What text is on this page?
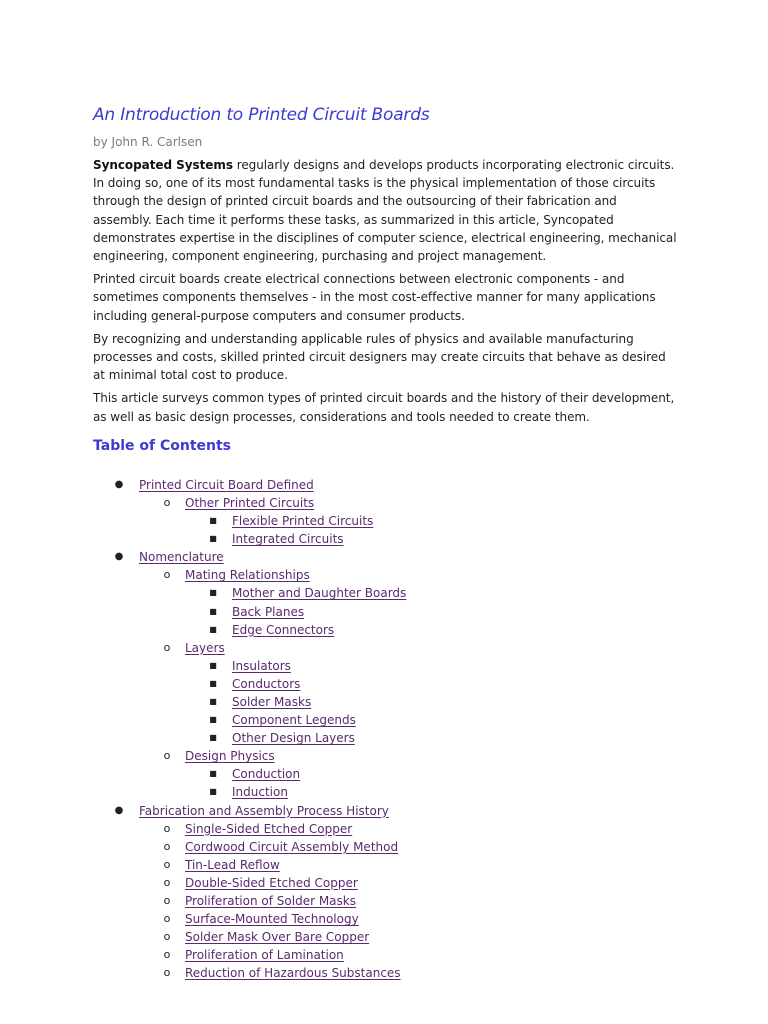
An Introduction to Printed Circuit Boards
by John R. Carlsen

Syncopated Systems regularly designs and develops products incorporating electronic circuits. In doing so, one of its most fundamental tasks is the physical implementation of those circuits through the design of printed circuit boards and the outsourcing of their fabrication and assembly. Each time it performs these tasks, as summarized in this article, Syncopated demonstrates expertise in the disciplines of computer science, electrical engineering, mechanical engineering, component engineering, purchasing and project management.

Printed circuit boards create electrical connections between electronic components - and sometimes components themselves - in the most cost-effective manner for many applications including general-purpose computers and consumer products.

By recognizing and understanding applicable rules of physics and available manufacturing processes and costs, skilled printed circuit designers may create circuits that behave as desired at minimal total cost to produce.

This article surveys common types of printed circuit boards and the history of their development, as well as basic design processes, considerations and tools needed to create them.

Table of Contents
● Printed Circuit Board Defined
o Other Printed Circuits
■ Flexible Printed Circuits
■ Integrated Circuits
● Nomenclature
o Mating Relationships
■ Mother and Daughter Boards
■ Back Planes
■ Edge Connectors
o Layers
■ Insulators
■ Conductors
■ Solder Masks
■ Component Legends
■ Other Design Layers
o Design Physics
■ Conduction
■ Induction
● Fabrication and Assembly Process History
o Single-Sided Etched Copper
o Cordwood Circuit Assembly Method
o Tin-Lead Reflow
o Double-Sided Etched Copper
o Proliferation of Solder Masks
o Surface-Mounted Technology
o Solder Mask Over Bare Copper
o Proliferation of Lamination
o Reduction of Hazardous Substances
